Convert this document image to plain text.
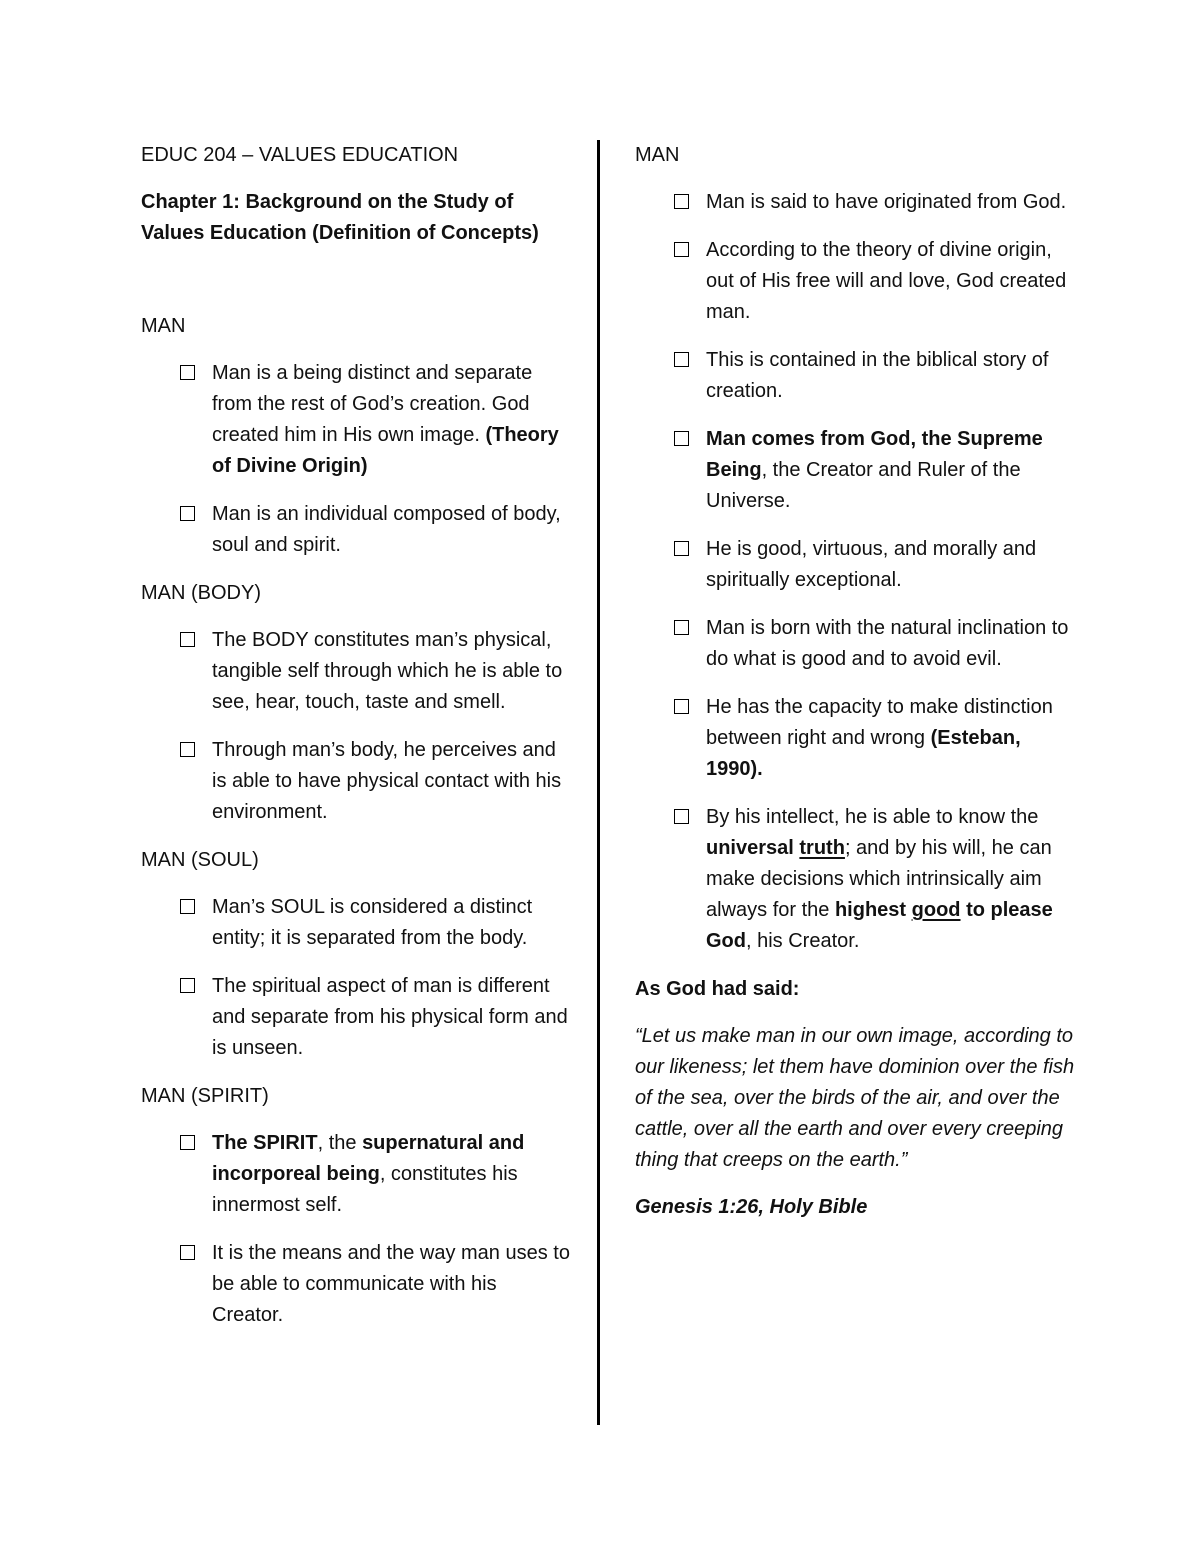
EDUC 204 – VALUES EDUCATION

Chapter 1: Background on the Study of Values Education (Definition of Concepts)

MAN

Man is a being distinct and separate from the rest of God’s creation. God created him in His own image. (Theory of Divine Origin)
Man is an individual composed of body, soul and spirit.

MAN (BODY)

The BODY constitutes man’s physical, tangible self through which he is able to see, hear, touch, taste and smell.
Through man’s body, he perceives and is able to have physical contact with his environment.

MAN (SOUL)

Man’s SOUL is considered a distinct entity; it is separated from the body.
The spiritual aspect of man is different and separate from his physical form and is unseen.

MAN (SPIRIT)

The SPIRIT, the supernatural and incorporeal being, constitutes his innermost self.
It is the means and the way man uses to be able to communicate with his Creator.

MAN

Man is said to have originated from God.
According to the theory of divine origin, out of His free will and love, God created man.
This is contained in the biblical story of creation.
Man comes from God, the Supreme Being, the Creator and Ruler of the Universe.
He is good, virtuous, and morally and spiritually exceptional.
Man is born with the natural inclination to do what is good and to avoid evil.
He has the capacity to make distinction between right and wrong (Esteban, 1990).
By his intellect, he is able to know the universal truth; and by his will, he can make decisions which intrinsically aim always for the highest good to please God, his Creator.

As God had said:

“Let us make man in our own image, according to our likeness; let them have dominion over the fish of the sea, over the birds of the air, and over the cattle, over all the earth and over every creeping thing that creeps on the earth.”

Genesis 1:26, Holy Bible
